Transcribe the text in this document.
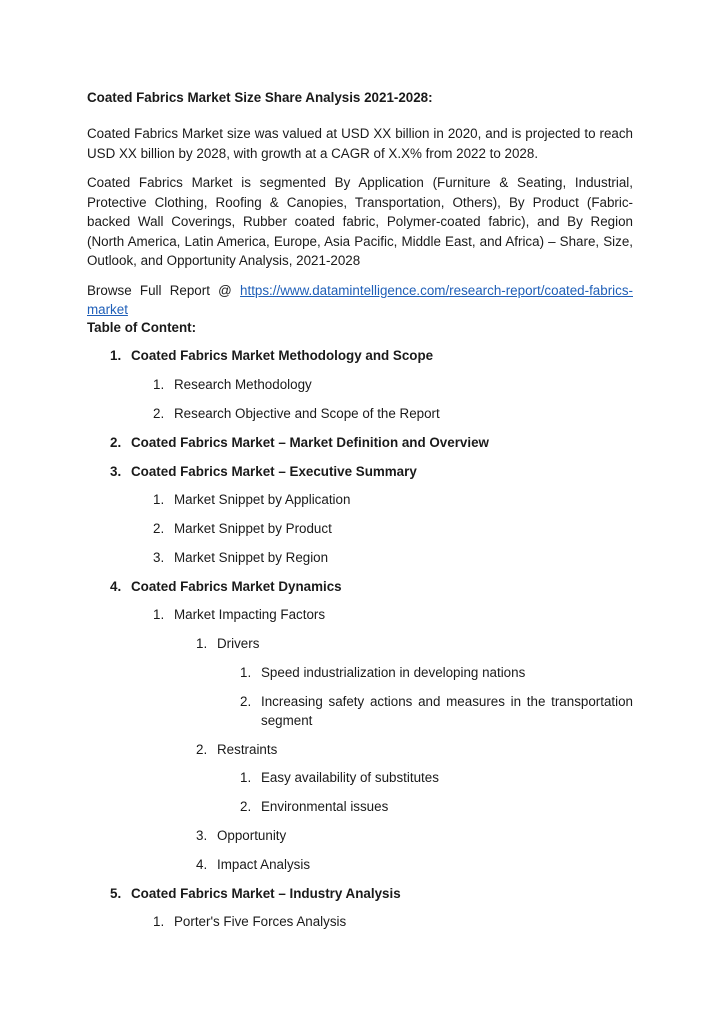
Coated Fabrics Market Size Share Analysis 2021-2028:

Coated Fabrics Market size was valued at USD XX billion in 2020, and is projected to reach USD XX billion by 2028, with growth at a CAGR of X.X% from 2022 to 2028.

Coated Fabrics Market is segmented By Application (Furniture & Seating, Industrial, Protective Clothing, Roofing & Canopies, Transportation, Others), By Product (Fabric-backed Wall Coverings, Rubber coated fabric, Polymer-coated fabric), and By Region (North America, Latin America, Europe, Asia Pacific, Middle East, and Africa) – Share, Size, Outlook, and Opportunity Analysis, 2021-2028

Browse Full Report @ https://www.datamintelligence.com/research-report/coated-fabrics-market

Table of Content:
1. Coated Fabrics Market Methodology and Scope
1. Research Methodology
2. Research Objective and Scope of the Report
2. Coated Fabrics Market – Market Definition and Overview
3. Coated Fabrics Market – Executive Summary
1. Market Snippet by Application
2. Market Snippet by Product
3. Market Snippet by Region
4. Coated Fabrics Market Dynamics
1. Market Impacting Factors
1. Drivers
1. Speed industrialization in developing nations
2. Increasing safety actions and measures in the transportation segment
2. Restraints
1. Easy availability of substitutes
2. Environmental issues
3. Opportunity
4. Impact Analysis
5. Coated Fabrics Market – Industry Analysis
1. Porter's Five Forces Analysis
